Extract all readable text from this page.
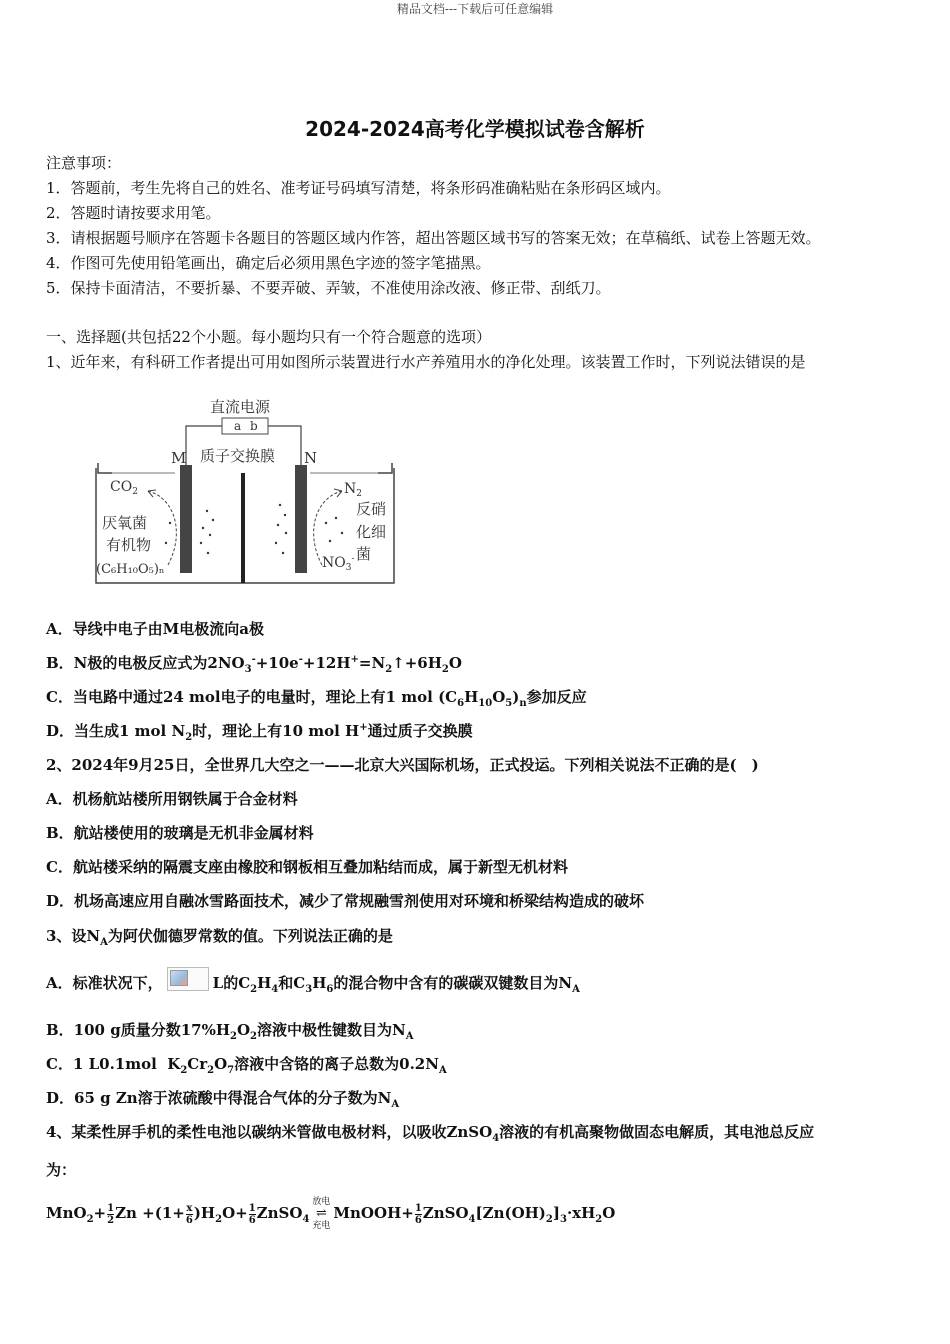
精品文档---下载后可任意编辑
2024-2024高考化学模拟试卷含解析
注意事项：
1．答题前，考生先将自己的姓名、准考证号码填写清楚，将条形码准确粘贴在条形码区域内。
2．答题时请按要求用笔。
3．请根据题号顺序在答题卡各题目的答题区域内作答，超出答题区域书写的答案无效；在草稿纸、试卷上答题无效。
4．作图可先使用铅笔画出，确定后必须用黑色字迹的签字笔描黑。
5．保持卡面清洁，不要折暴、不要弄破、弄皱，不准使用涂改液、修正带、刮纸刀。
一、选择题(共包括22个小题。每小题均只有一个符合题意的选项）
1、近年来，有科研工作者提出可用如图所示装置进行水产养殖用水的净化处理。该装置工作时，下列说法错误的是
直流电源
a b
M	N
质子交换膜
$CO_2$
厌氧菌
有机物
(C₆H₁₀O₅)ₙ
$N_2$
反硝
化细
菌
$NO_3^-$
A．导线中电子由M电极流向a极
B．N极的电极反应式为$2NO_3^-+10e^-+12H^+=N_2↑+6H_2O$
C．当电路中通过24 mol电子的电量时，理论上有1 mol $(C_6H_{10}O_5)_n$参加反应
D．当生成1 mol $N_2$时，理论上有10 mol H+通过质子交换膜
2、2024年9月25日，全世界几大空之一——北京大兴国际机场，正式投运。下列相关说法不正确的是(　)
A．机杨航站楼所用钢铁属于合金材料
B．航站楼使用的玻璃是无机非金属材料
C．航站楼采纳的隔震支座由橡胶和钢板相互叠加粘结而成，属于新型无机材料
D．机场高速应用自融冰雪路面技术，减少了常规融雪剂使用对环境和桥梁结构造成的破坏
3、设$N_A$为阿伏伽德罗常数的值。下列说法正确的是
A．标准状况下，	L的$C_2H_4$和$C_3H_6$的混合物中含有的碳碳双键数目为$N_A$
B．100 g质量分数$17\%H_2O_2$溶液中极性键数目为$N_A$
C．1 L0.1mol  $K_2Cr_2O_7$溶液中含铬的离子总数为$0.2N_A$
D．65 g Zn溶于浓硫酸中得混合气体的分子数为$N_A$
4、某柔性屏手机的柔性电池以碳纳米管做电极材料，以吸收ZnSO$_4$溶液的有机高聚物做固态电解质，其电池总反应
为：
$MnO_2+ \frac{1}{2}$ $Zn +(1+ \frac{x}{6} )H_2O+ \frac{1}{6}$ ZnSO$_4$
放电
⇌
充电
MnOOH+ $\frac{1}{6}$ $ZnSO_4[Zn(OH)_2]_3\cdot xH_2O$
